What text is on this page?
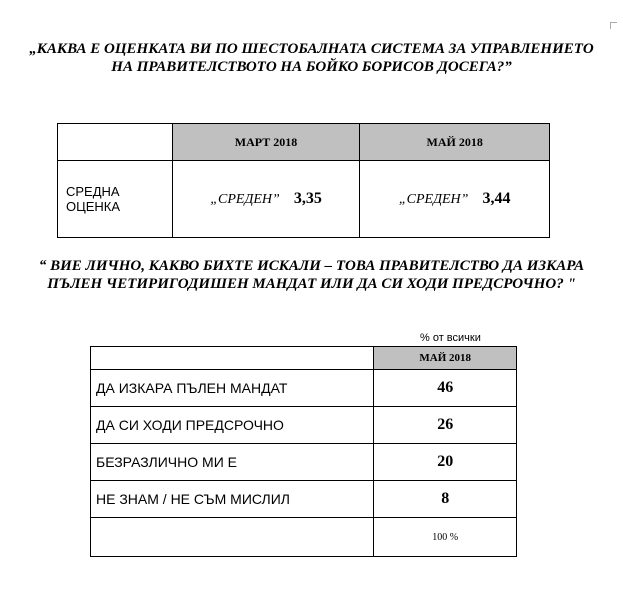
„КАКВА Е ОЦЕНКАТА ВИ ПО ШЕСТОБАЛНАТА СИСТЕМА ЗА УПРАВЛЕНИЕТО
НА ПРАВИТЕЛСТВОТО НА БОЙКО БОРИСОВ ДОСЕГА?”
	МАРТ 2018	МАЙ 2018

СРЕДНА
ОЦЕНКА	„СРЕДЕН” 3,35	„СРЕДЕН” 3,44
“ ВИЕ ЛИЧНО, КАКВО БИХТЕ ИСКАЛИ – ТОВА ПРАВИТЕЛСТВО ДА ИЗКАРА
ПЪЛЕН ЧЕТИРИГОДИШЕН МАНДАТ ИЛИ ДА СИ ХОДИ ПРЕДСРОЧНО? "
% от всички
	МАЙ 2018
ДА ИЗКАРА ПЪЛЕН МАНДАТ	46
ДА СИ ХОДИ ПРЕДСРОЧНО	26
БЕЗРАЗЛИЧНО МИ Е	20
НЕ ЗНАМ / НЕ СЪМ МИСЛИЛ	8
	100 %
